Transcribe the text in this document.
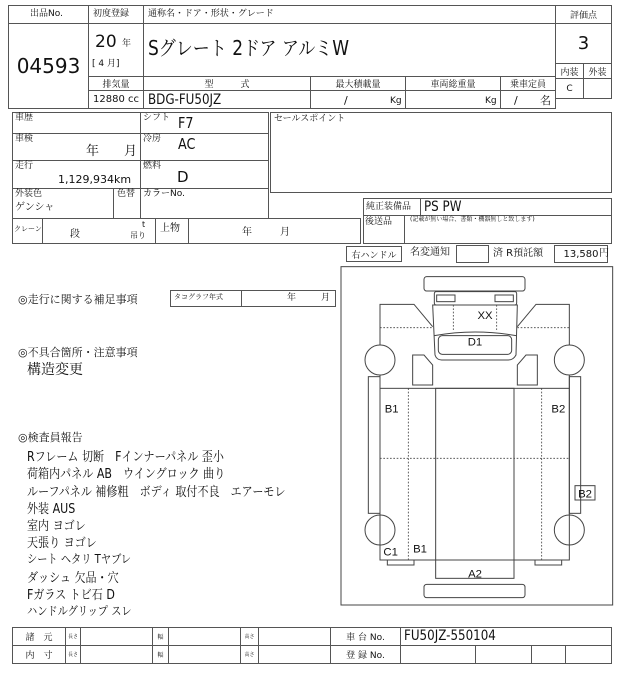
出品No.
04593
初度登録
20 年
[ 4 月]
通称名・ドア・形状・グレード
Sグレート 2ドア アルミW
排気量
12880 cc
型　　　式
BDG-FU50JZ
最大積載量
/	Kg
車両総重量
Kg
乗車定員
/ 名
評価点
3
内装 外装
C
車歴	シフト F7
車検
年 月
冷房 AC
走行
1,129,934km
燃料
D
外装色
ゲンシャ
色替 カラーNo.
セールスポイント
クレーン	段
t
吊り
上物	年	月
純正装備品 PS PW
後送品	(記載が無い場合、書類・機器無しと致します)
右ハンドル 名変通知	済 R預託額 13,580 円
◎走行に関する補足事項	タコグラフ年式	年	月
◎不具合箇所・注意事項
構造変更
◎検査員報告
Rフレーム 切断　Fインナーパネル 歪小
荷箱内パネル AB　ウイングロック 曲り
ルーフパネル 補修粗　ボディ 取付不良　エアーモレ
外装 AUS
室内 ヨゴレ
天張り ヨゴレ
シート ヘタリ Tヤブレ
ダッシュ 欠品・穴
Fガラス トビ石 D
ハンドルグリップ スレ
XX
D1
B1	B2
B2
C1 B1
A2
諸　元
内　寸
長さ	幅	高さ
長さ	幅	高さ
車 台 No. FU50JZ-550104
登 録 No.
